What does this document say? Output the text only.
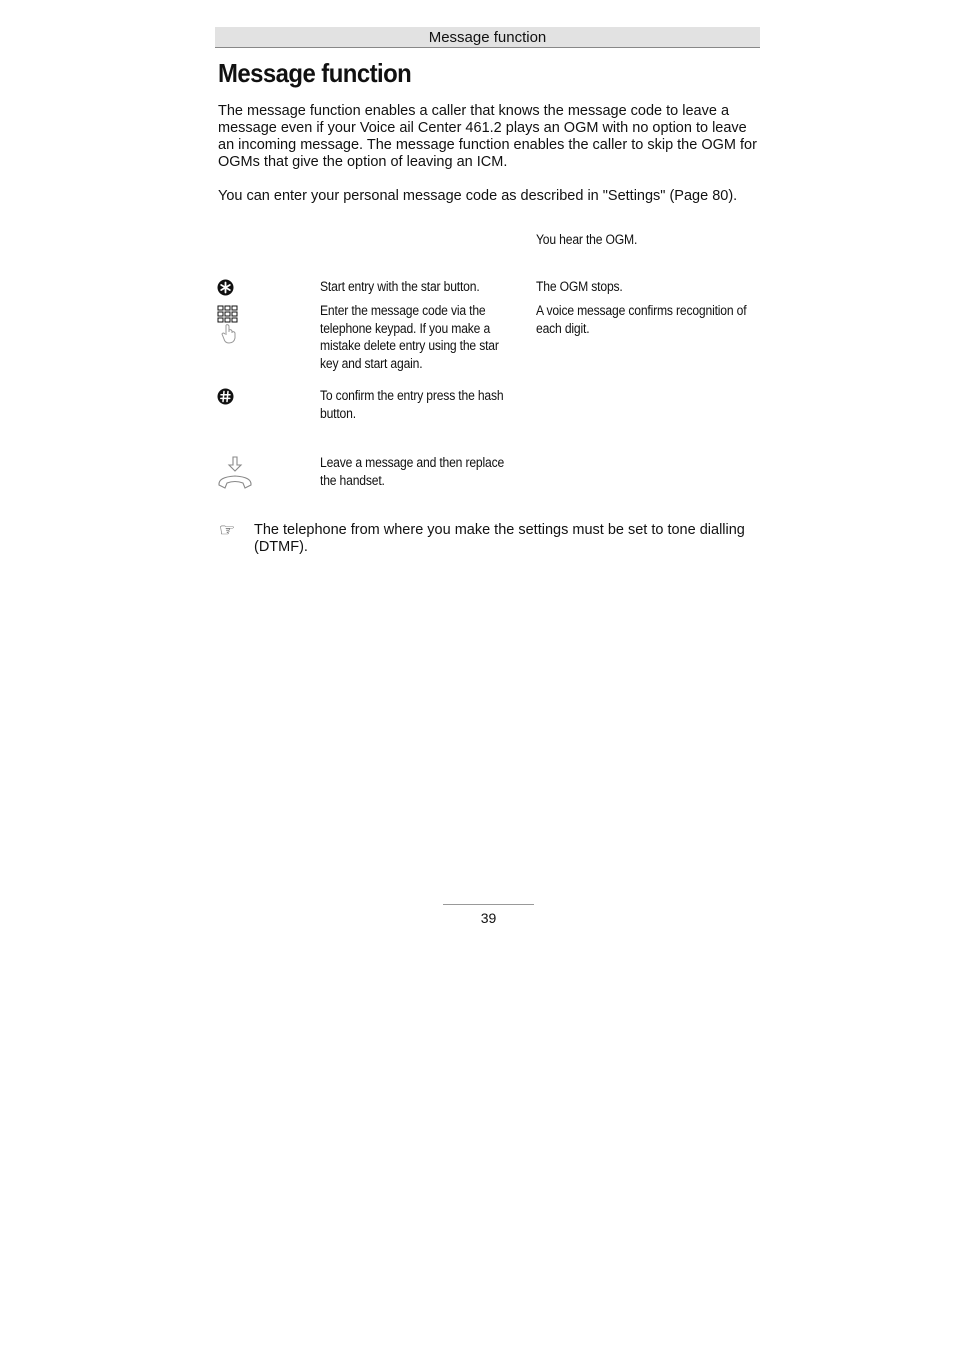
Message function
Message function

The message function enables a caller that knows the message code to leave a message even if your Voice ail Center 461.2 plays an OGM with no option to leave an incoming message. The message function enables the caller to skip the OGM for OGMs that give the option of leaving an ICM.

You can enter your personal message code as described in "Settings" (Page 80).

You hear the OGM.
Start entry with the star button.	The OGM stops.
Enter the message code via the telephone keypad. If you make a mistake delete entry using the star key and start again.
A voice message confirms recognition of each digit.
To confirm the entry press the hash button.
Leave a message and then replace the handset.
☞ The telephone from where you make the settings must be set to tone dialling (DTMF).

39
